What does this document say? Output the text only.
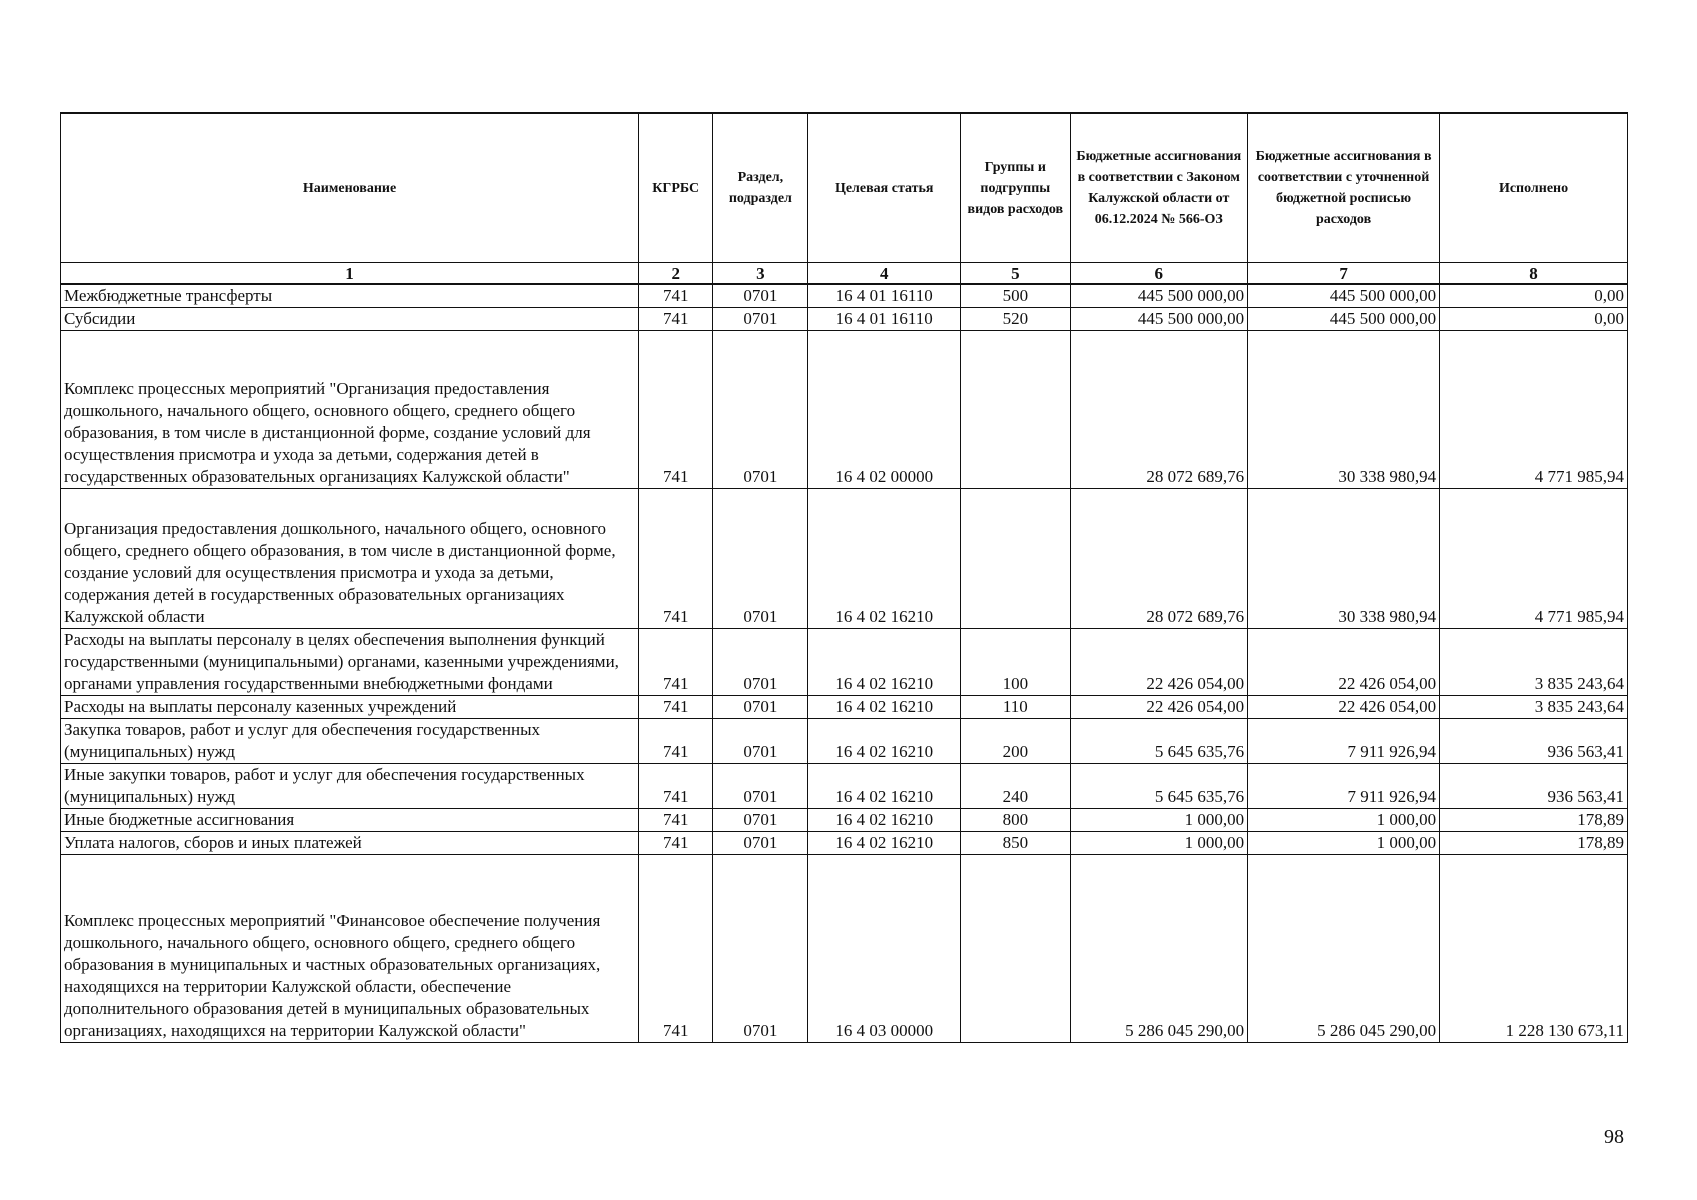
Наименование	КГРБС	Раздел, подраздел	Целевая статья	Группы и подгруппы видов расходов	Бюджетные ассигнования в соответствии с Законом Калужской области от 06.12.2024 № 566-ОЗ	Бюджетные ассигнования в соответствии с уточненной бюджетной росписью расходов	Исполнено
1	2	3	4	5	6	7	8
Межбюджетные трансферты	741	0701	16 4 01 16110	500	445 500 000,00	445 500 000,00	0,00
Субсидии	741	0701	16 4 01 16110	520	445 500 000,00	445 500 000,00	0,00
Комплекс процессных мероприятий "Организация предоставления дошкольного, начального общего, основного общего, среднего общего образования, в том числе в дистанционной форме, создание условий для осуществления присмотра и ухода за детьми, содержания детей в государственных образовательных организациях Калужской области"	741	0701	16 4 02 00000		28 072 689,76	30 338 980,94	4 771 985,94
Организация предоставления дошкольного, начального общего, основного общего, среднего общего образования, в том числе в дистанционной форме, создание условий для осуществления присмотра и ухода за детьми, содержания детей в государственных образовательных организациях Калужской области	741	0701	16 4 02 16210		28 072 689,76	30 338 980,94	4 771 985,94
Расходы на выплаты персоналу в целях обеспечения выполнения функций государственными (муниципальными) органами, казенными учреждениями, органами управления государственными внебюджетными фондами	741	0701	16 4 02 16210	100	22 426 054,00	22 426 054,00	3 835 243,64
Расходы на выплаты персоналу казенных учреждений	741	0701	16 4 02 16210	110	22 426 054,00	22 426 054,00	3 835 243,64
Закупка товаров, работ и услуг для обеспечения государственных (муниципальных) нужд	741	0701	16 4 02 16210	200	5 645 635,76	7 911 926,94	936 563,41
Иные закупки товаров, работ и услуг для обеспечения государственных (муниципальных) нужд	741	0701	16 4 02 16210	240	5 645 635,76	7 911 926,94	936 563,41
Иные бюджетные ассигнования	741	0701	16 4 02 16210	800	1 000,00	1 000,00	178,89
Уплата налогов, сборов и иных платежей	741	0701	16 4 02 16210	850	1 000,00	1 000,00	178,89
Комплекс процессных мероприятий "Финансовое обеспечение получения дошкольного, начального общего, основного общего, среднего общего образования в муниципальных и частных образовательных организациях, находящихся на территории Калужской области, обеспечение дополнительного образования детей в муниципальных образовательных организациях, находящихся на территории Калужской области"	741	0701	16 4 03 00000		5 286 045 290,00	5 286 045 290,00	1 228 130 673,11
98
